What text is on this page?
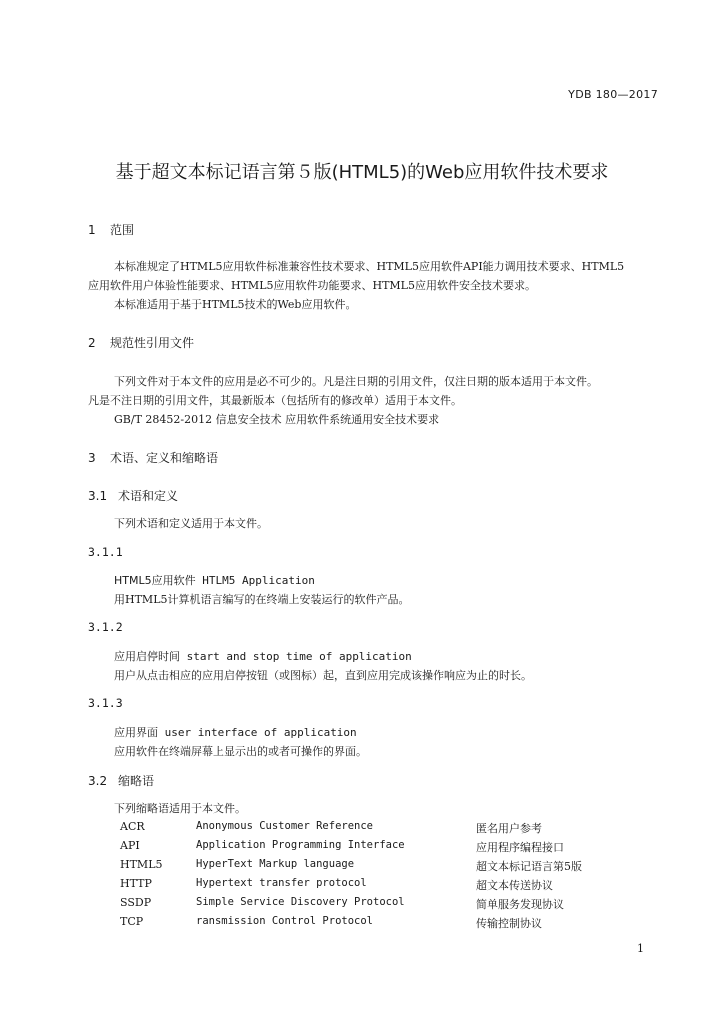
YDB 180—2017
基于超文本标记语言第５版(HTML5)的Web应用软件技术要求
1 范围
本标准规定了HTML5应用软件标准兼容性技术要求、HTML5应用软件API能力调用技术要求、HTML5
应用软件用户体验性能要求、HTML5应用软件功能要求、HTML5应用软件安全技术要求。
本标准适用于基于HTML5技术的Web应用软件。
2 规范性引用文件
下列文件对于本文件的应用是必不可少的。凡是注日期的引用文件，仅注日期的版本适用于本文件。
凡是不注日期的引用文件，其最新版本（包括所有的修改单）适用于本文件。
GB/T 28452-2012 信息安全技术 应用软件系统通用安全技术要求
3 术语、定义和缩略语
3.1 术语和定义
下列术语和定义适用于本文件。
3.1.1
HTML5应用软件 HTLM5 Application
用HTML5计算机语言编写的在终端上安装运行的软件产品。
3.1.2
应用启停时间 start and stop time of application
用户从点击相应的应用启停按钮（或图标）起，直到应用完成该操作响应为止的时长。
3.1.3
应用界面 user interface of application
应用软件在终端屏幕上显示出的或者可操作的界面。
3.2 缩略语
下列缩略语适用于本文件。
ACR	Anonymous Customer Reference	匿名用户参考
API	Application Programming Interface	应用程序编程接口
HTML5	HyperText Markup language	超文本标记语言第5版
HTTP	Hypertext transfer protocol	超文本传送协议
SSDP	Simple Service Discovery Protocol	简单服务发现协议
TCP	ransmission Control Protocol	传输控制协议
1
